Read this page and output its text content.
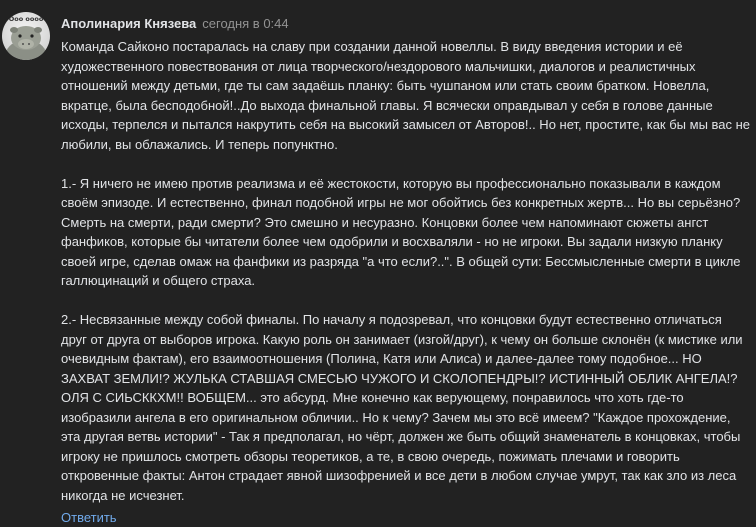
Ooo oooo Аполинария Князева сегодня в 0:44

Команда Сайконо постаралась на славу при создании данной новеллы. В виду введения истории и её художественного повествования от лица творческого/нездорового мальчишки, диалогов и реалистичных отношений между детьми, где ты сам задаёшь планку: быть чушпаном или стать своим братком. Новелла, вкратце, была бесподобной!..До выхода финальной главы. Я всячески оправдывал у себя в голове данные исходы, терпелся и пытался накрутить себя на высокий замысел от Авторов!.. Но нет, простите, как бы мы вас не любили, вы облажались. И теперь попунктно.

1.- Я ничего не имею против реализма и её жестокости, которую вы профессионально показывали в каждом своём эпизоде. И естественно, финал подобной игры не мог обойтись без конкретных жертв... Но вы серьёзно? Смерть на смерти, ради смерти? Это смешно и несуразно. Концовки более чем напоминают сюжеты ангст фанфиков, которые бы читатели более чем одобрили и восхваляли - но не игроки. Вы задали низкую планку своей игре, сделав омаж на фанфики из разряда "а что если?..". В общей сути: Бессмысленные смерти в цикле галлюцинаций и общего страха.

2.- Несвязанные между собой финалы. По началу я подозревал, что концовки будут естественно отличаться друг от друга от выборов игрока. Какую роль он занимает (изгой/друг), к чему он больше склонён (к мистике или очевидным фактам), его взаимоотношения (Полина, Катя или Алиса) и далее-далее тому подобное... НО ЗАХВАТ ЗЕМЛИ!? ЖУЛЬКА СТАВШАЯ СМЕСЬЮ ЧУЖОГО И СКОЛОПЕНДРЫ!? ИСТИННЫЙ ОБЛИК АНГЕЛА!? ОЛЯ С СИЬСККХМ!! ВОБЩЕМ... это абсурд. Мне конечно как верующему, понравилось что хоть где-то изобразили ангела в его оригинальном обличии.. Но к чему? Зачем мы это всё имеем? "Каждое прохождение, эта другая ветвь истории" - Так я предполагал, но чёрт, должен же быть общий знаменатель в концовках, чтобы игроку не пришлось смотреть обзоры теоретиков, а те, в свою очередь, пожимать плечами и говорить откровенные факты: Антон страдает явной шизофренией и все дети в любом случае умрут, так как зло из леса никогда не исчезнет.

Ответить
